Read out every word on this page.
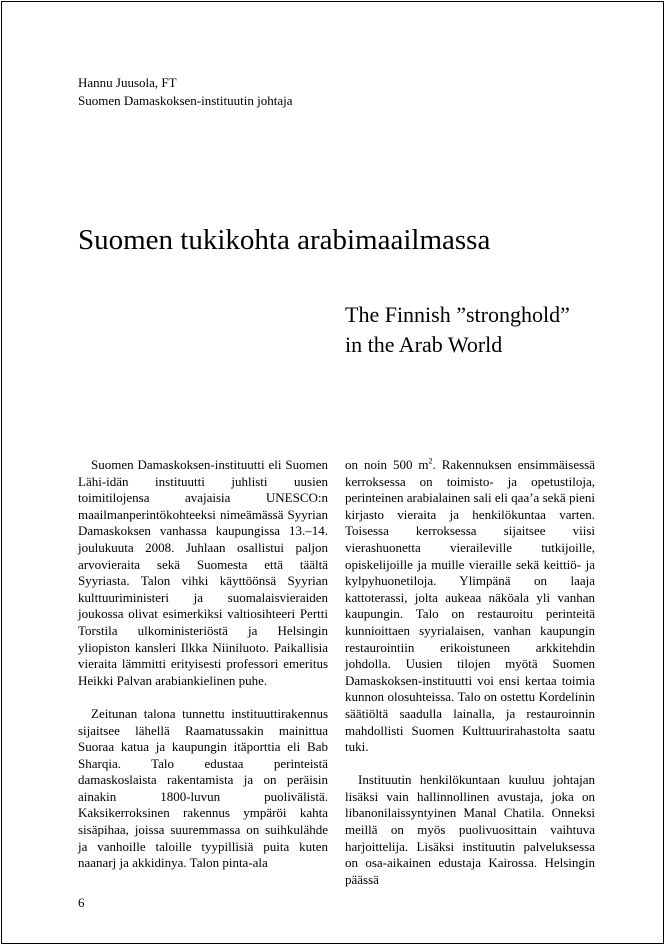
Hannu Juusola, FT
Suomen Damaskoksen-instituutin johtaja
Suomen tukikohta arabimaailmassa
The Finnish ”stronghold”
in the Arab World

Suomen Damaskoksen-instituutti eli Suomen Lähi-idän instituutti juhlisti uusien toimitilojensa avajaisia UNESCO:n maailmanperintökohteeksi nimeämässä Syyrian Damaskoksen vanhassa kaupungissa 13.–14. joulukuuta 2008. Juhlaan osallistui paljon arvovieraita sekä Suomesta että täältä Syyriasta. Talon vihki käyttöönsä Syyrian kulttuuriministeri ja suomalaisvieraiden joukossa olivat esimerkiksi valtiosihteeri Pertti Torstila ulkoministeriöstä ja Helsingin yliopiston kansleri Ilkka Niiniluoto. Paikallisia vieraita lämmitti erityisesti professori emeritus Heikki Palvan arabiankielinen puhe.

Zeitunan talona tunnettu instituuttirakennus sijaitsee lähellä Raamatussakin mainittua Suoraa katua ja kaupungin itäporttia eli Bab Sharqia. Talo edustaa perinteistä damaskoslaista rakentamista ja on peräisin ainakin 1800-luvun puolivälistä. Kaksikerroksinen rakennus ympäröi kahta sisäpihaa, joissa suuremmassa on suihkulähde ja vanhoille taloille tyypillisiä puita kuten naanarj ja akkidinya. Talon pinta-ala

on noin 500 $m^2$. Rakennuksen ensimmäisessä kerroksessa on toimisto- ja opetustiloja, perinteinen arabialainen sali eli qaa’a sekä pieni kirjasto vieraita ja henkilökuntaa varten. Toisessa kerroksessa sijaitsee viisi vierashuonetta vieraileville tutkijoille, opiskelijoille ja muille vieraille sekä keittiö- ja kylpyhuonetiloja. Ylimpänä on laaja kattoterassi, jolta aukeaa näköala yli vanhan kaupungin. Talo on restauroitu perinteitä kunnioittaen syyrialaisen, vanhan kaupungin restaurointiin erikoistuneen arkkitehdin johdolla. Uusien tilojen myötä Suomen Damaskoksen-instituutti voi ensi kertaa toimia kunnon olosuhteissa. Talo on ostettu Kordelinin säätiöltä saadulla lainalla, ja restauroinnin mahdollisti Suomen Kulttuurirahastolta saatu tuki.

Instituutin henkilökuntaan kuuluu johtajan lisäksi vain hallinnollinen avustaja, joka on libanonilaissyntyinen Manal Chatila. Onneksi meillä on myös puolivuosittain vaihtuva harjoittelija. Lisäksi instituutin palveluksessa on osa-aikainen edustaja Kairossa. Helsingin päässä

6
